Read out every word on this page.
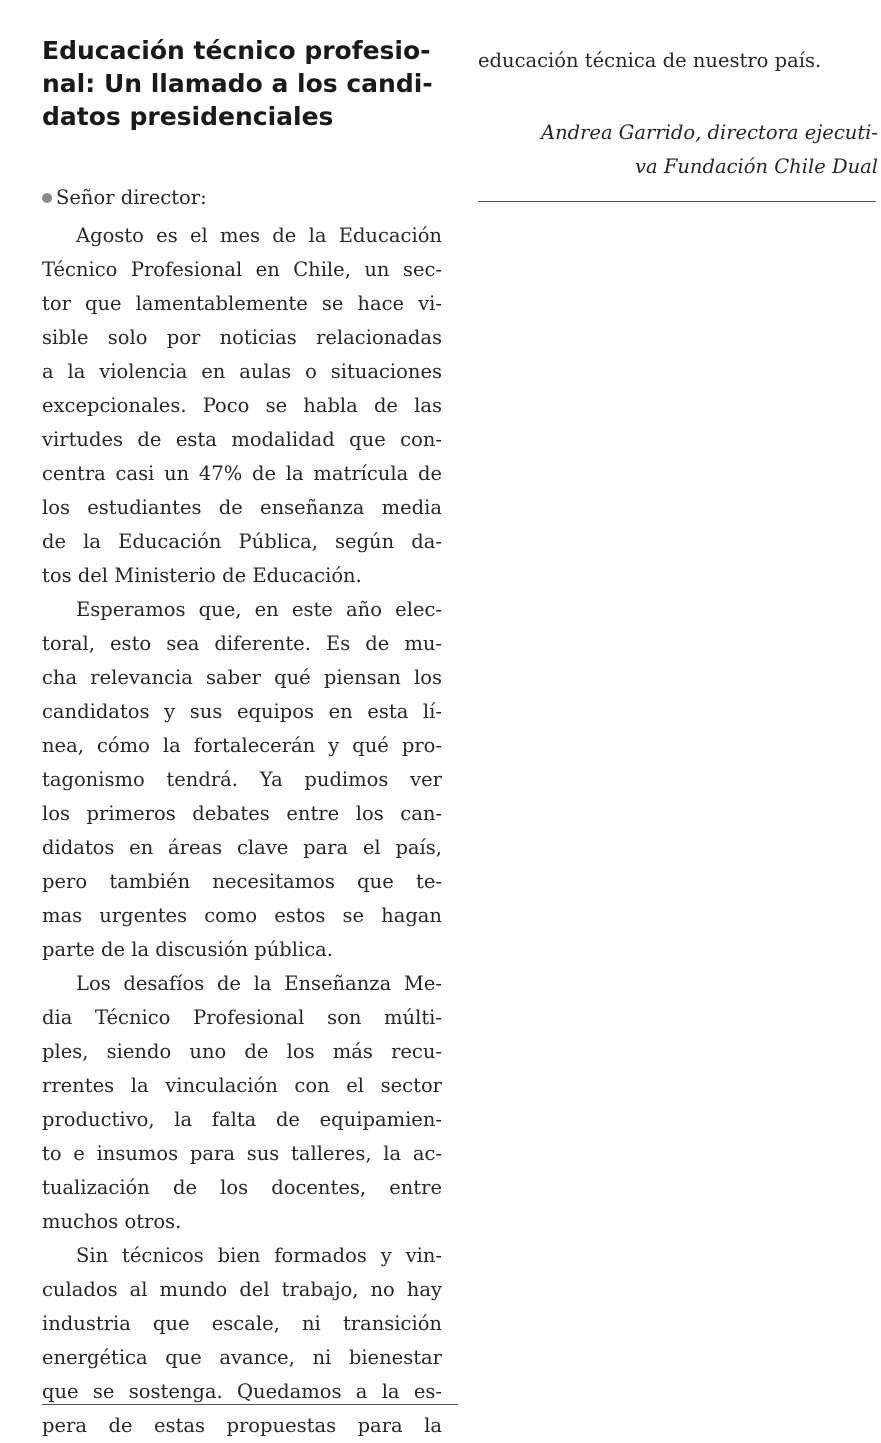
Educación técnico profesio-
nal: Un llamado a los candi-
datos presidenciales
Señor director:
Agosto es el mes de la Educación
Técnico Profesional en Chile, un sec-
tor que lamentablemente se hace vi-
sible solo por noticias relacionadas
a la violencia en aulas o situaciones
excepcionales. Poco se habla de las
virtudes de esta modalidad que con-
centra casi un 47% de la matrícula de
los estudiantes de enseñanza media
de la Educación Pública, según da-
tos del Ministerio de Educación.
Esperamos que, en este año elec-
toral, esto sea diferente. Es de mu-
cha relevancia saber qué piensan los
candidatos y sus equipos en esta lí-
nea, cómo la fortalecerán y qué pro-
tagonismo tendrá. Ya pudimos ver
los primeros debates entre los can-
didatos en áreas clave para el país,
pero también necesitamos que te-
mas urgentes como estos se hagan
parte de la discusión pública.
Los desafíos de la Enseñanza Me-
dia Técnico Profesional son múlti-
ples, siendo uno de los más recu-
rrentes la vinculación con el sector
productivo, la falta de equipamien-
to e insumos para sus talleres, la ac-
tualización de los docentes, entre
muchos otros.
Sin técnicos bien formados y vin-
culados al mundo del trabajo, no hay
industria que escale, ni transición
energética que avance, ni bienestar
que se sostenga. Quedamos a la es-
pera de estas propuestas para la
educación técnica de nuestro país.
Andrea Garrido, directora ejecuti-
va Fundación Chile Dual
